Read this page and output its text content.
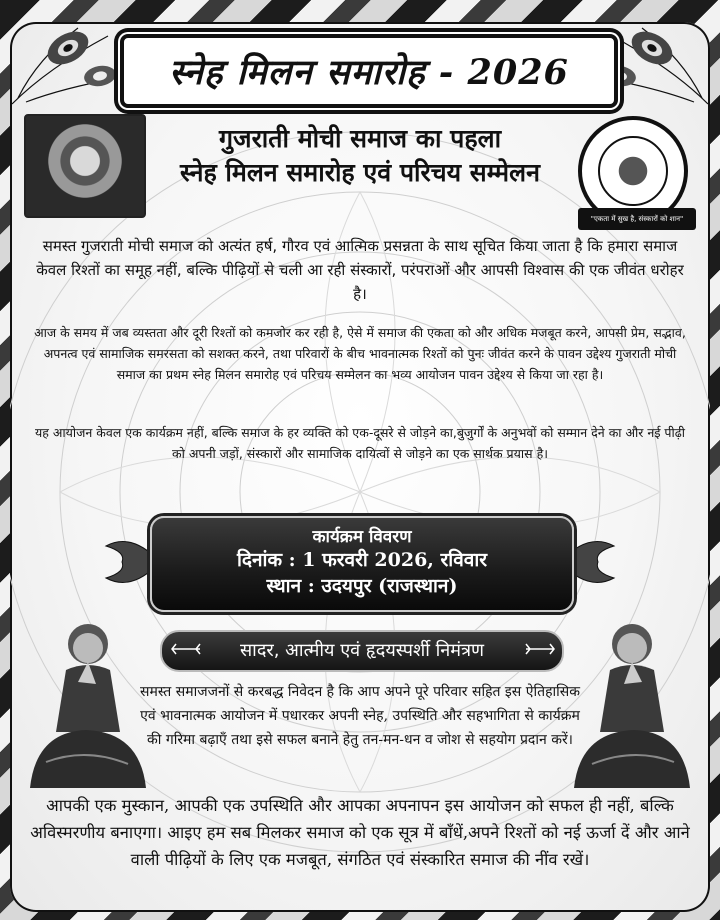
स्नेह मिलन समारोह - 2026
गुजराती मोची समाज का पहला
स्नेह मिलन समारोह एवं परिचय सम्मेलन
"एकता में सुख है, संस्कारों को शान"
समस्त गुजराती मोची समाज को अत्यंत हर्ष, गौरव एवं आत्मिक प्रसन्नता के साथ सूचित किया जाता है कि हमारा समाज केवल रिश्तों का समूह नहीं, बल्कि पीढ़ियों से चली आ रही संस्कारों, परंपराओं और आपसी विश्वास की एक जीवंत धरोहर है।
आज के समय में जब व्यस्तता और दूरी रिश्तों को कमजोर कर रही है, ऐसे में समाज की एकता को और अधिक मजबूत करने, आपसी प्रेम, सद्भाव, अपनत्व एवं सामाजिक समरसता को सशक्त करने, तथा परिवारों के बीच भावनात्मक रिश्तों को पुनः जीवंत करने के पावन उद्देश्य गुजराती मोची समाज का प्रथम स्नेह मिलन समारोह एवं परिचय सम्मेलन का भव्य आयोजन पावन उद्देश्य से किया जा रहा है।
यह आयोजन केवल एक कार्यक्रम नहीं, बल्कि समाज के हर व्यक्ति को एक-दूसरे से जोड़ने का,बुजुर्गों के अनुभवों को सम्मान देने का और नई पीढ़ी को अपनी जड़ों, संस्कारों और सामाजिक दायित्वों से जोड़ने का एक सार्थक प्रयास है।
कार्यक्रम विवरण
दिनांक : 1 फरवरी 2026, रविवार
स्थान : उदयपुर (राजस्थान)
सादर, आत्मीय एवं हृदयस्पर्शी निमंत्रण
समस्त समाजजनों से करबद्ध निवेदन है कि आप अपने पूरे परिवार सहित इस ऐतिहासिक एवं भावनात्मक आयोजन में पधारकर अपनी स्नेह, उपस्थिति और सहभागिता से कार्यक्रम की गरिमा बढ़ाएँ तथा इसे सफल बनाने हेतु तन-मन-धन व जोश से सहयोग प्रदान करें।
आपकी एक मुस्कान, आपकी एक उपस्थिति और आपका अपनापन इस आयोजन को सफल ही नहीं, बल्कि अविस्मरणीय बनाएगा। आइए हम सब मिलकर समाज को एक सूत्र में बाँधें,अपने रिश्तों को नई ऊर्जा दें और आने वाली पीढ़ियों के लिए एक मजबूत, संगठित एवं संस्कारित समाज की नींव रखें।
